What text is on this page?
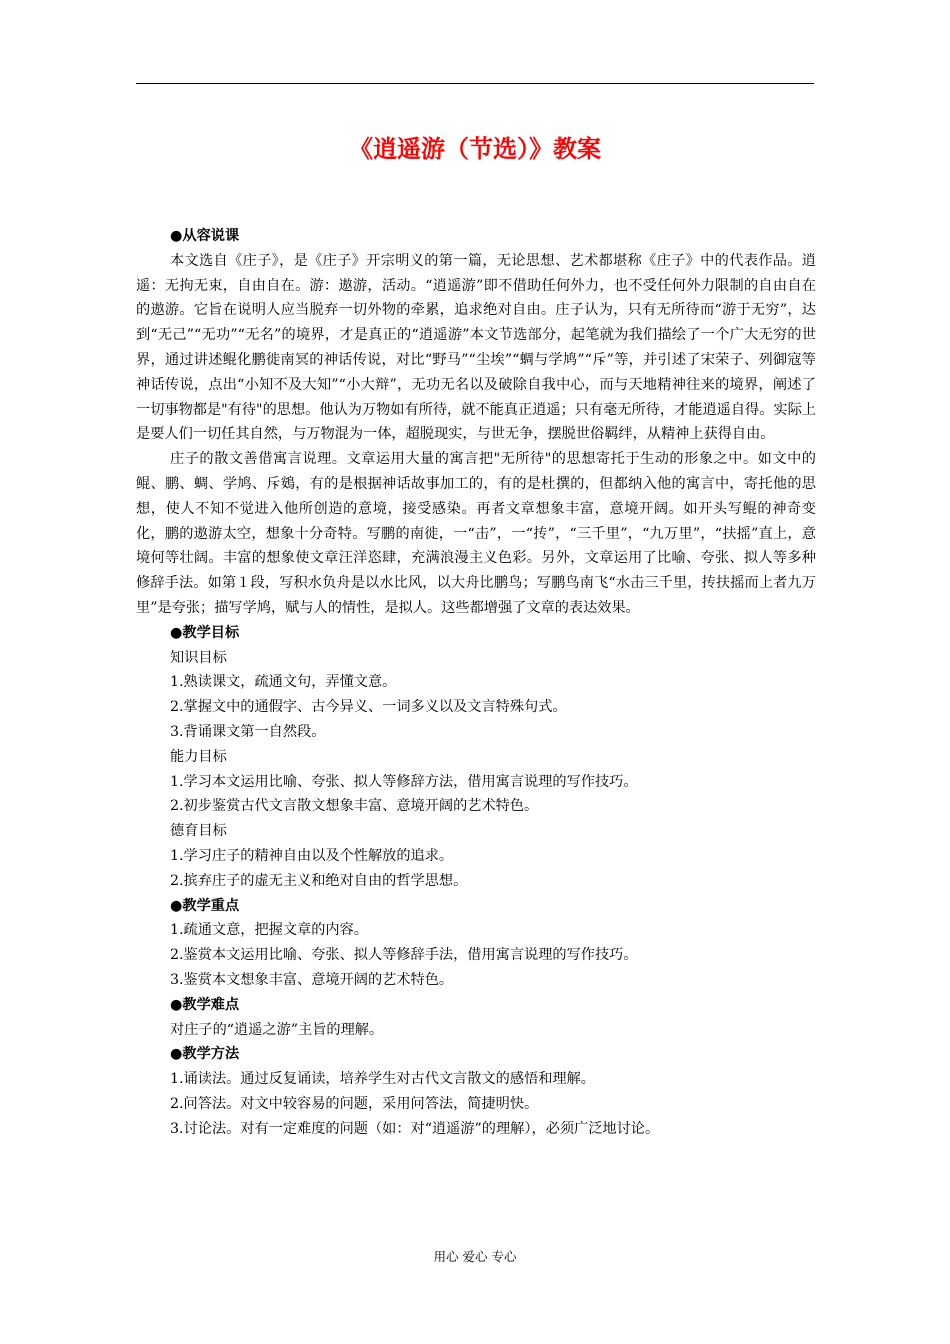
《逍遥游（节选）》教案

●从容说课

本文选自《庄子》，是《庄子》开宗明义的第一篇，无论思想、艺术都堪称《庄子》中的代表作品。逍遥：无拘无束，自由自在。游：遨游，活动。“逍遥游”即不借助任何外力，也不受任何外力限制的自由自在的遨游。它旨在说明人应当脱弃一切外物的牵累，追求绝对自由。庄子认为，只有无所待而“游于无穷”，达到“无己”“无功”“无名”的境界，才是真正的“逍遥游”本文节选部分，起笔就为我们描绘了一个广大无穷的世界，通过讲述鲲化鹏徙南冥的神话传说，对比“野马”“尘埃”“蜩与学鸠”“斥”等，并引述了宋荣子、列御寇等神话传说，点出“小知不及大知”“小大辩”，无功无名以及破除自我中心，而与天地精神往来的境界，阐述了一切事物都是"有待"的思想。他认为万物如有所待，就不能真正逍遥；只有毫无所待，才能逍遥自得。实际上是要人们一切任其自然，与万物混为一体，超脱现实，与世无争，摆脱世俗羁绊，从精神上获得自由。

庄子的散文善借寓言说理。文章运用大量的寓言把"无所待"的思想寄托于生动的形象之中。如文中的鲲、鹏、蜩、学鸠、斥鴳，有的是根据神话故事加工的，有的是杜撰的，但都纳入他的寓言中，寄托他的思想，使人不知不觉进入他所创造的意境，接受感染。再者文章想象丰富，意境开阔。如开头写鲲的神奇变化，鹏的遨游太空，想象十分奇特。写鹏的南徙，一“击”，一“抟”，“三千里”，“九万里”，“扶摇”直上，意境何等壮阔。丰富的想象使文章汪洋恣肆，充满浪漫主义色彩。另外，文章运用了比喻、夸张、拟人等多种修辞手法。如第１段，写积水负舟是以水比风，以大舟比鹏鸟；写鹏鸟南飞“水击三千里，抟扶摇而上者九万里”是夸张；描写学鸠，赋与人的情性，是拟人。这些都增强了文章的表达效果。

●教学目标

知识目标

1.熟读课文，疏通文句，弄懂文意。

2.掌握文中的通假字、古今异义、一词多义以及文言特殊句式。

3.背诵课文第一自然段。

能力目标

1.学习本文运用比喻、夸张、拟人等修辞方法，借用寓言说理的写作技巧。

2.初步鉴赏古代文言散文想象丰富、意境开阔的艺术特色。

德育目标

1.学习庄子的精神自由以及个性解放的追求。

2.摈弃庄子的虚无主义和绝对自由的哲学思想。

●教学重点

1.疏通文意，把握文章的内容。

2.鉴赏本文运用比喻、夸张、拟人等修辞手法，借用寓言说理的写作技巧。

3.鉴赏本文想象丰富、意境开阔的艺术特色。

●教学难点

对庄子的“逍遥之游”主旨的理解。

●教学方法

1.诵读法。通过反复诵读，培养学生对古代文言散文的感悟和理解。

2.问答法。对文中较容易的问题，采用问答法，简捷明快。

3.讨论法。对有一定难度的问题（如：对“逍遥游”的理解），必须广泛地讨论。

用心 爱心 专心
